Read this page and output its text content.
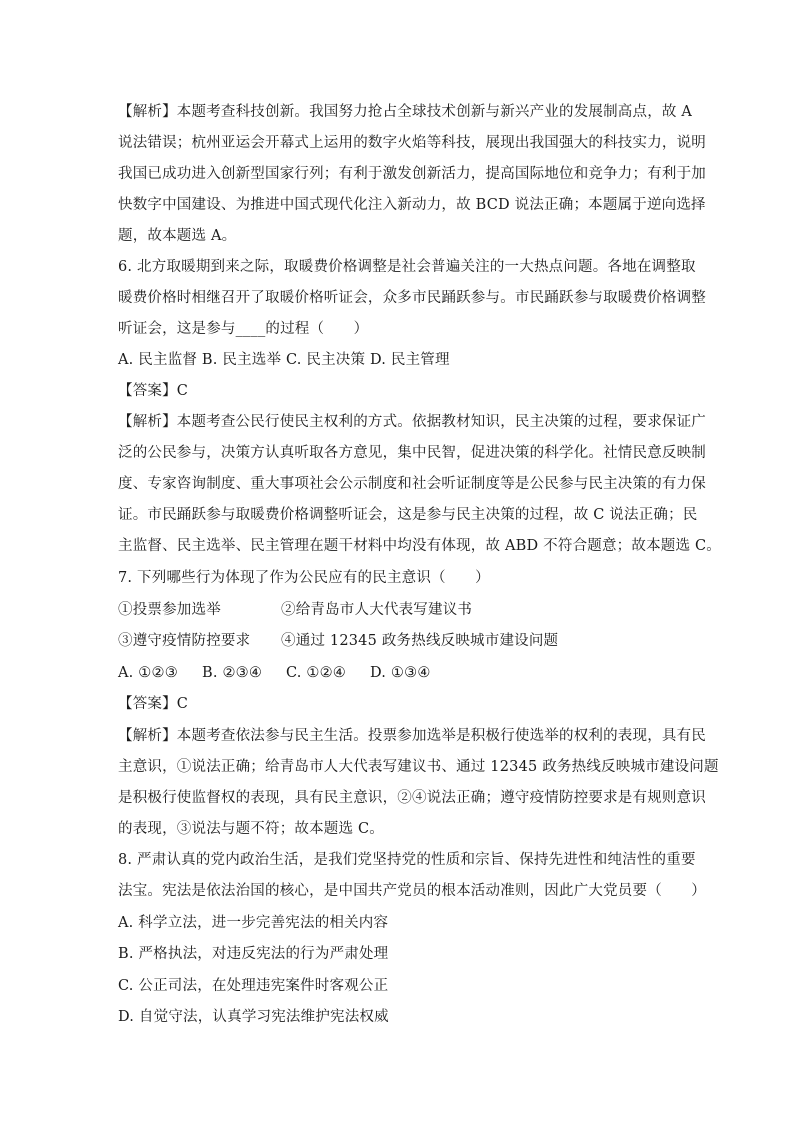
【解析】本题考查科技创新。我国努力抢占全球技术创新与新兴产业的发展制高点，故 A
说法错误；杭州亚运会开幕式上运用的数字火焰等科技，展现出我国强大的科技实力，说明
我国已成功进入创新型国家行列；有利于激发创新活力，提高国际地位和竞争力；有利于加
快数字中国建设、为推进中国式现代化注入新动力，故 BCD 说法正确；本题属于逆向选择
题，故本题选 A。
6. 北方取暖期到来之际，取暖费价格调整是社会普遍关注的一大热点问题。各地在调整取
暖费价格时相继召开了取暖价格听证会，众多市民踊跃参与。市民踊跃参与取暖费价格调整
听证会，这是参与____的过程（　　）
A. 民主监督 B. 民主选举 C. 民主决策 D. 民主管理
【答案】C
【解析】本题考查公民行使民主权利的方式。依据教材知识，民主决策的过程，要求保证广
泛的公民参与，决策方认真听取各方意见，集中民智，促进决策的科学化。社情民意反映制
度、专家咨询制度、重大事项社会公示制度和社会听证制度等是公民参与民主决策的有力保
证。市民踊跃参与取暖费价格调整听证会，这是参与民主决策的过程，故 C 说法正确；民
主监督、民主选举、民主管理在题干材料中均没有体现，故 ABD 不符合题意；故本题选 C。
7. 下列哪些行为体现了作为公民应有的民主意识（　　）
①投票参加选举	②给青岛市人大代表写建议书
③遵守疫情防控要求 ④通过 12345 政务热线反映城市建设问题
A. ①②③ B. ②③④ C. ①②④ D. ①③④
【答案】C
【解析】本题考查依法参与民主生活。投票参加选举是积极行使选举的权利的表现，具有民
主意识，①说法正确；给青岛市人大代表写建议书、通过 12345 政务热线反映城市建设问题
是积极行使监督权的表现，具有民主意识，②④说法正确；遵守疫情防控要求是有规则意识
的表现，③说法与题不符；故本题选 C。
8. 严肃认真的党内政治生活，是我们党坚持党的性质和宗旨、保持先进性和纯洁性的重要
法宝。宪法是依法治国的核心，是中国共产党员的根本活动准则，因此广大党员要（　　）
A. 科学立法，进一步完善宪法的相关内容
B. 严格执法，对违反宪法的行为严肃处理
C. 公正司法，在处理违宪案件时客观公正
D. 自觉守法，认真学习宪法维护宪法权威
